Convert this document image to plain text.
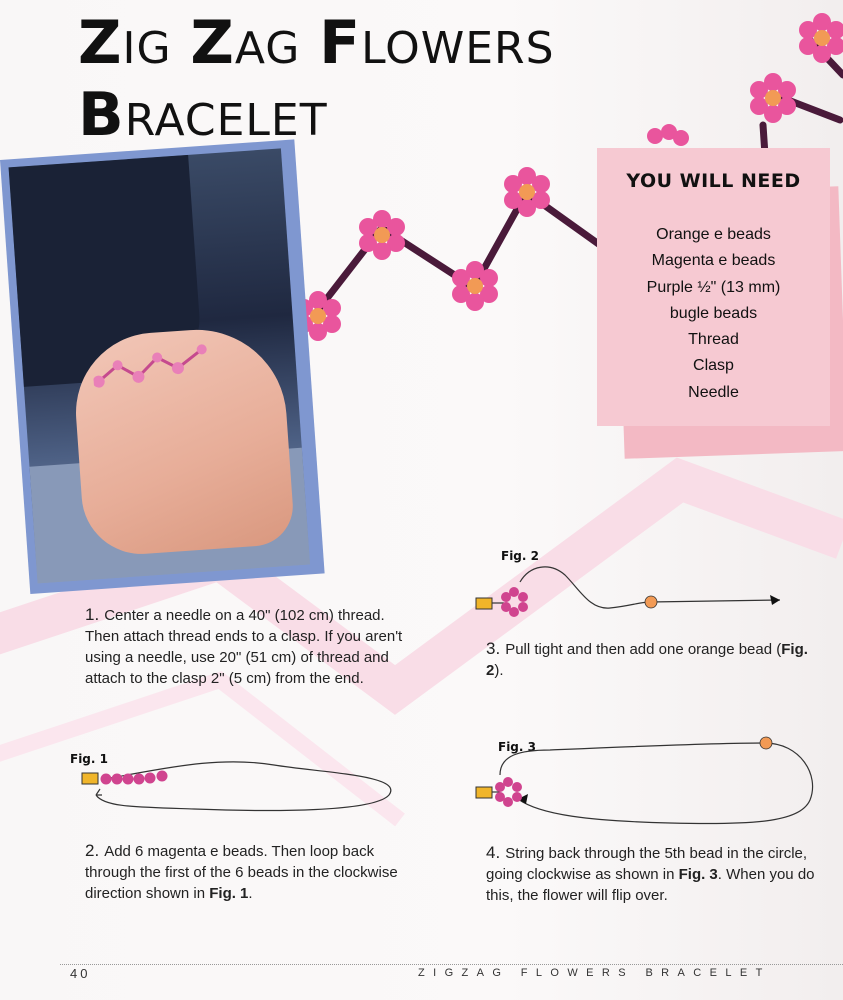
ZIG ZAG FLOWERS
BRACELET
YOU WILL NEED
Orange e beads
Magenta e beads
Purple ½" (13 mm)
bugle beads
Thread
Clasp
Needle

1. Center a needle on a 40" (102 cm) thread. Then attach thread ends to a clasp. If you aren't using a needle, use 20" (51 cm) of thread and attach to the clasp 2" (5 cm) from the end.

Fig. 1

2. Add 6 magenta e beads. Then loop back through the first of the 6 beads in the clockwise direction shown in Fig. 1.

Fig. 2

3. Pull tight and then add one orange bead (Fig. 2).

Fig. 3

4. String back through the 5th bead in the circle, going clockwise as shown in Fig. 3. When you do this, the flower will flip over.

40	ZIGZAG FLOWERS BRACELET
